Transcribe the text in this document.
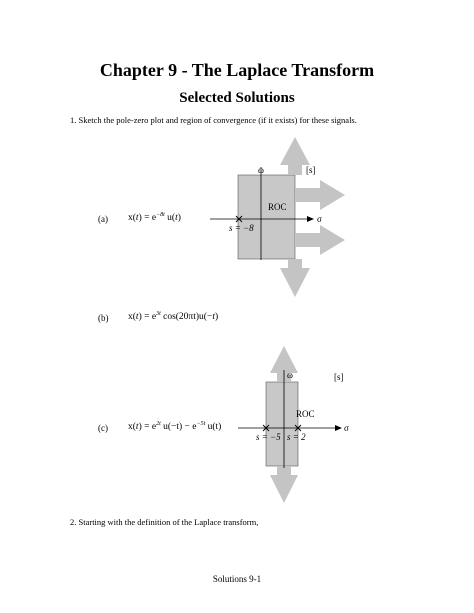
Chapter 9 - The Laplace Transform
Selected Solutions
1. Sketch the pole-zero plot and region of convergence (if it exists) for these signals.
ω
σ
[s]
ROC
s = −8
(a) $x(t) = e^{-8t}$ u(t)
(b) $x(t) = e^{3t}$ cos(20πt)u(−t)
ω
σ
[s]
ROC
s = −5 s = 2
(c) $x(t) = e^{2t}$ $u(-t) - e^{-5t}$ u(t)
2. Starting with the definition of the Laplace transform,
Solutions 9-1
